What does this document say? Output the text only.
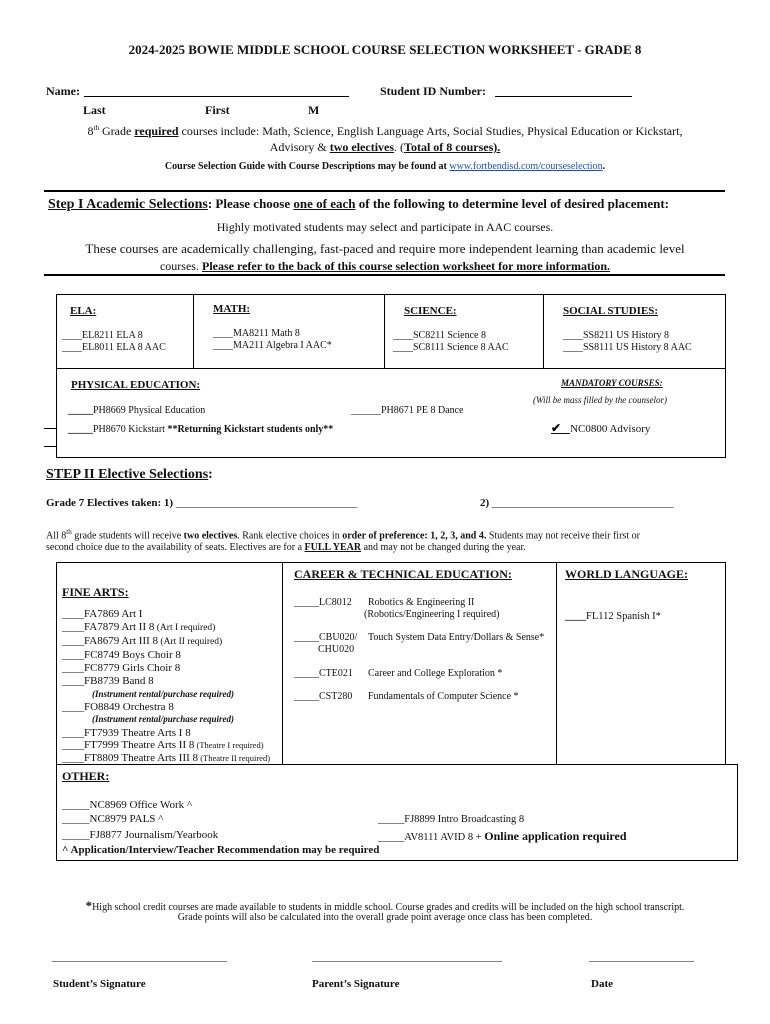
2024-2025 BOWIE MIDDLE SCHOOL COURSE SELECTION WORKSHEET - GRADE 8
Name:	Student ID Number:
Last	First	M
8th Grade required courses include: Math, Science, English Language Arts, Social Studies, Physical Education or Kickstart,
Advisory & two electives. (Total of 8 courses).
Course Selection Guide with Course Descriptions may be found at www.fortbendisd.com/courseselection.
Step I Academic Selections: Please choose one of each of the following to determine level of desired placement:
Highly motivated students may select and participate in AAC courses.
These courses are academically challenging, fast-paced and require more independent learning than academic level
courses. Please refer to the back of this course selection worksheet for more information.
ELA:
____EL8211 ELA 8
____EL8011 ELA 8 AAC
MATH:
____MA8211 Math 8
____MA211 Algebra I AAC*
SCIENCE:
____SC8211 Science 8
____SC8111 Science 8 AAC
SOCIAL STUDIES:
____SS8211 US History 8
____SS8111 US History 8 AAC
PHYSICAL EDUCATION:
_____PH8669 Physical Education	______PH8671 PE 8 Dance
_____PH8670 Kickstart **Returning Kickstart students only**
MANDATORY COURSES:
(Will be mass filled by the counselor)
✔ NC0800 Advisory
STEP II Elective Selections:
Grade 7 Electives taken: 1) _________________________________	2) _________________________________
All 8th grade students will receive two electives. Rank elective choices in order of preference: 1, 2, 3, and 4. Students may not receive their first or
second choice due to the availability of seats. Electives are for a FULL YEAR and may not be changed during the year.
FINE ARTS:
____FA7869 Art I
____FA7879 Art II 8 (Art I required)
____FA8679 Art III 8 (Art II required)
____FC8749 Boys Choir 8
____FC8779 Girls Choir 8
____FB8739 Band 8
(Instrument rental/purchase required)
____FO8849 Orchestra 8
(Instrument rental/purchase required)
____FT7939 Theatre Arts I 8
____FT7999 Theatre Arts II 8 (Theatre I required)
____FT8809 Theatre Arts III 8 (Theatre II required)
CAREER & TECHNICAL EDUCATION:
_____LC8012 Robotics & Engineering II
(Robotics/Engineering I required)
_____CBU020/
CHU020
Touch System Data Entry/Dollars & Sense*
_____CTE021 Career and College Exploration *
_____CST280 Fundamentals of Computer Science *
WORLD LANGUAGE:
____FL112 Spanish I*
OTHER:
_____NC8969 Office Work ^
_____NC8979 PALS ^
_____FJ8877 Journalism/Yearbook
_____FJ8899 Intro Broadcasting 8
_____AV8111 AVID 8 + Online application required
^ Application/Interview/Teacher Recommendation may be required
*High school credit courses are made available to students in middle school. Course grades and credits will be included on the high school transcript.
Grade points will also be calculated into the overall grade point average once class has been completed.
___________________________________	______________________________________	_____________________
Student’s Signature	Parent’s Signature	Date
